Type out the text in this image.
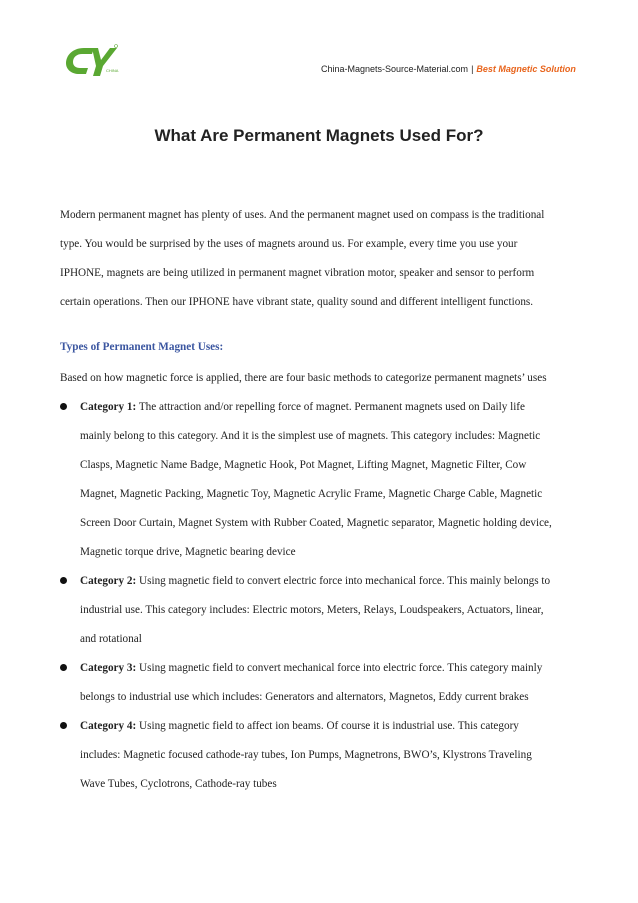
CHINA	China-Magnets-Source-Material.com | Best Magnetic Solution
What Are Permanent Magnets Used For?

Modern permanent magnet has plenty of uses. And the permanent magnet used on compass is the traditional
type. You would be surprised by the uses of magnets around us. For example, every time you use your
IPHONE, magnets are being utilized in permanent magnet vibration motor, speaker and sensor to perform
certain operations. Then our IPHONE have vibrant state, quality sound and different intelligent functions.

Types of Permanent Magnet Uses:

Based on how magnetic force is applied, there are four basic methods to categorize permanent magnets’ uses

Category 1: The attraction and/or repelling force of magnet. Permanent magnets used on Daily life
mainly belong to this category. And it is the simplest use of magnets. This category includes: Magnetic
Clasps, Magnetic Name Badge, Magnetic Hook, Pot Magnet, Lifting Magnet, Magnetic Filter, Cow
Magnet, Magnetic Packing, Magnetic Toy, Magnetic Acrylic Frame, Magnetic Charge Cable, Magnetic
Screen Door Curtain, Magnet System with Rubber Coated, Magnetic separator, Magnetic holding device,
Magnetic torque drive, Magnetic bearing device
Category 2: Using magnetic field to convert electric force into mechanical force. This mainly belongs to
industrial use. This category includes: Electric motors, Meters, Relays, Loudspeakers, Actuators, linear,
and rotational
Category 3: Using magnetic field to convert mechanical force into electric force. This category mainly
belongs to industrial use which includes: Generators and alternators, Magnetos, Eddy current brakes
Category 4: Using magnetic field to affect ion beams. Of course it is industrial use. This category
includes: Magnetic focused cathode-ray tubes, Ion Pumps, Magnetrons, BWO’s, Klystrons Traveling
Wave Tubes, Cyclotrons, Cathode-ray tubes
